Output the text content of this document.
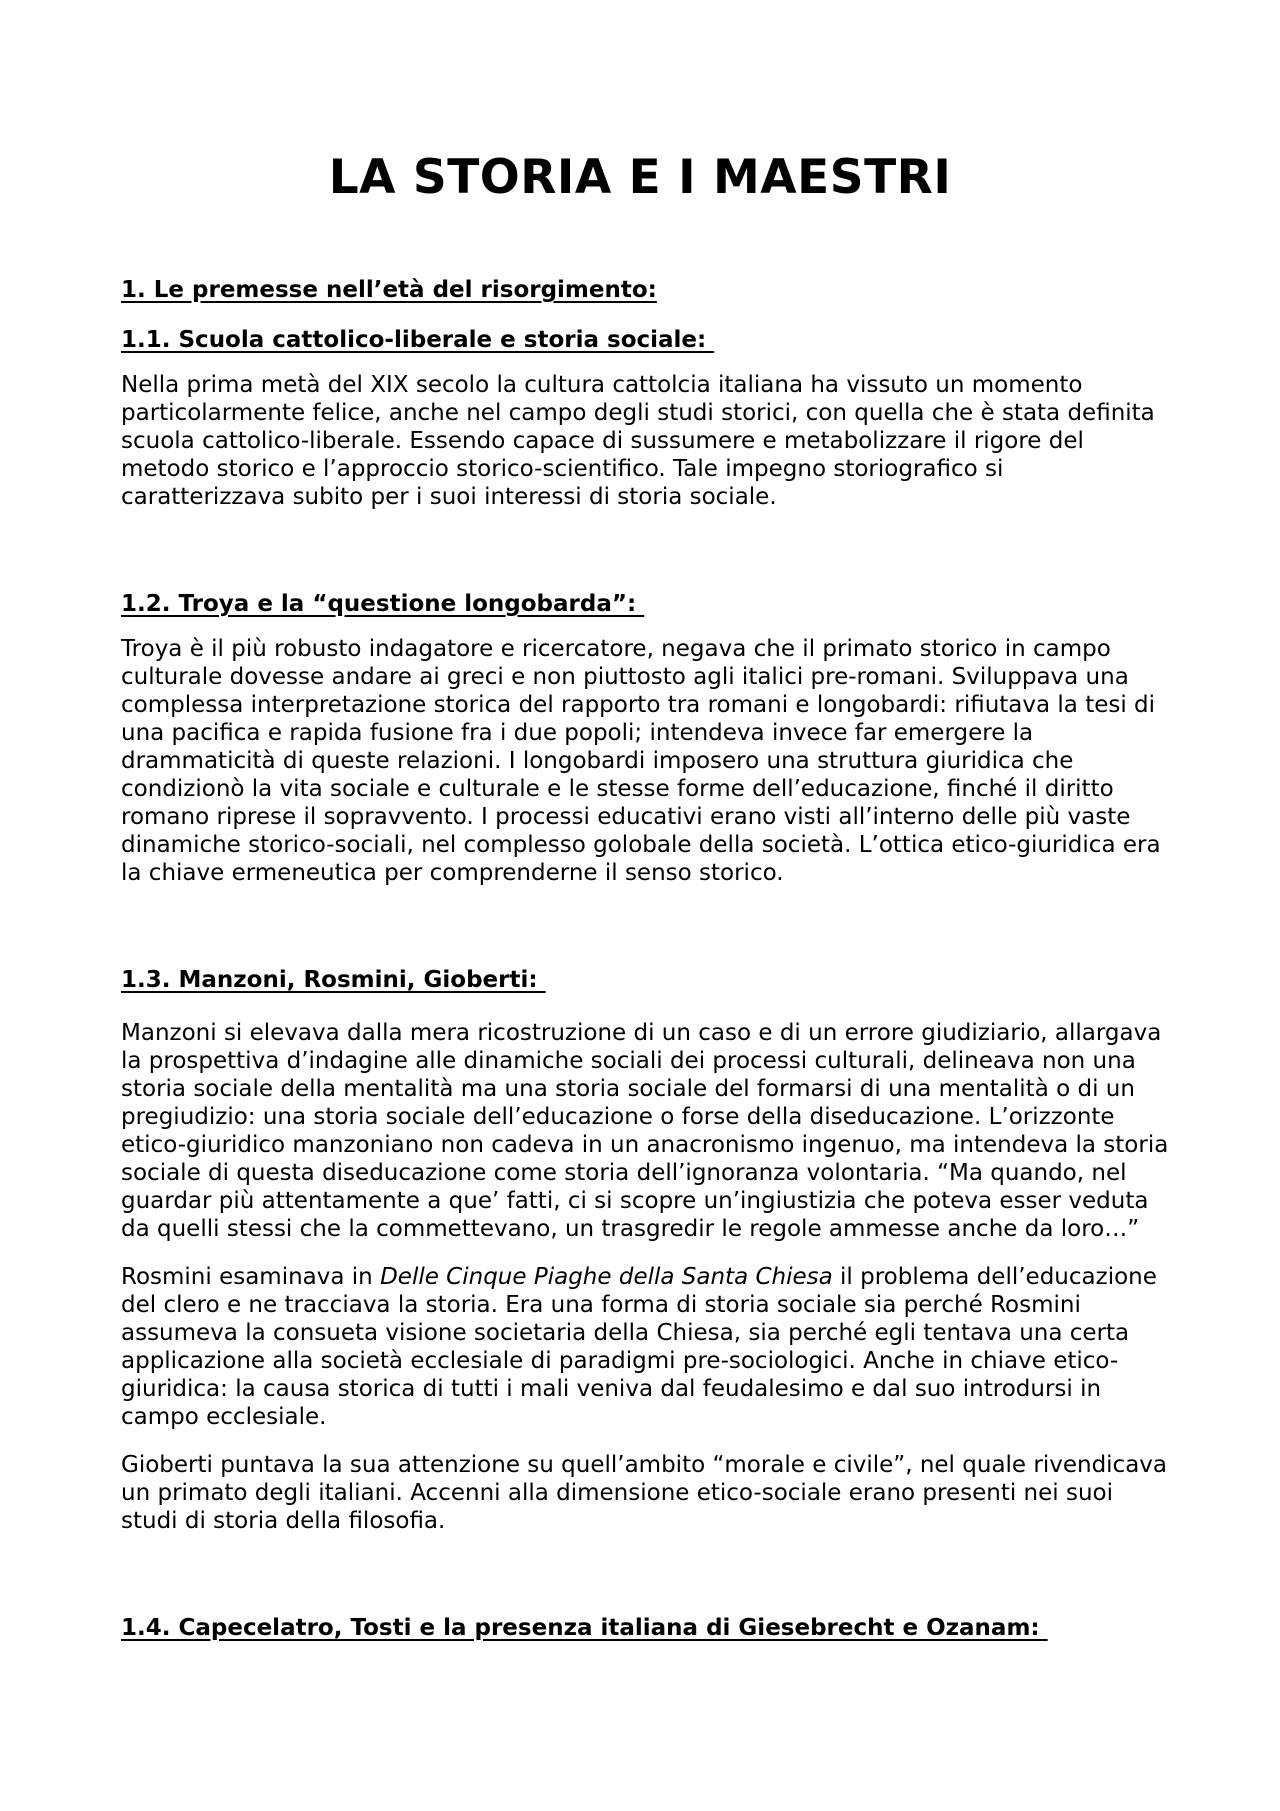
LA STORIA E I MAESTRI

1. Le premesse nell’età del risorgimento:

1.1. Scuola cattolico-liberale e storia sociale:

Nella prima metà del XIX secolo la cultura cattolcia italiana ha vissuto un momento particolarmente felice, anche nel campo degli studi storici, con quella che è stata definita scuola cattolico-liberale. Essendo capace di sussumere e metabolizzare il rigore del metodo storico e l’approccio storico-scientifico. Tale impegno storiografico si caratterizzava subito per i suoi interessi di storia sociale.

1.2. Troya e la “questione longobarda”:

Troya è il più robusto indagatore e ricercatore, negava che il primato storico in campo culturale dovesse andare ai greci e non piuttosto agli italici pre-romani. Sviluppava una complessa interpretazione storica del rapporto tra romani e longobardi: rifiutava la tesi di una pacifica e rapida fusione fra i due popoli; intendeva invece far emergere la drammaticità di queste relazioni. I longobardi imposero una struttura giuridica che condizionò la vita sociale e culturale e le stesse forme dell’educazione, finché il diritto romano riprese il sopravvento. I processi educativi erano visti all’interno delle più vaste dinamiche storico-sociali, nel complesso golobale della società. L’ottica etico-giuridica era la chiave ermeneutica per comprenderne il senso storico.

1.3. Manzoni, Rosmini, Gioberti:

Manzoni si elevava dalla mera ricostruzione di un caso e di un errore giudiziario, allargava la prospettiva d’indagine alle dinamiche sociali dei processi culturali, delineava non una storia sociale della mentalità ma una storia sociale del formarsi di una mentalità o di un pregiudizio: una storia sociale dell’educazione o forse della diseducazione. L’orizzonte etico-giuridico manzoniano non cadeva in un anacronismo ingenuo, ma intendeva la storia sociale di questa diseducazione come storia dell’ignoranza volontaria. “Ma quando, nel guardar più attentamente a que’ fatti, ci si scopre un’ingiustizia che poteva esser veduta da quelli stessi che la commettevano, un trasgredir le regole ammesse anche da loro…”

Rosmini esaminava in Delle Cinque Piaghe della Santa Chiesa il problema dell’educazione del clero e ne tracciava la storia. Era una forma di storia sociale sia perché Rosmini assumeva la consueta visione societaria della Chiesa, sia perché egli tentava una certa applicazione alla società ecclesiale di paradigmi pre-sociologici. Anche in chiave etico-giuridica: la causa storica di tutti i mali veniva dal feudalesimo e dal suo introdursi in campo ecclesiale.

Gioberti puntava la sua attenzione su quell’ambito “morale e civile”, nel quale rivendicava un primato degli italiani. Accenni alla dimensione etico-sociale erano presenti nei suoi studi di storia della filosofia.

1.4. Capecelatro, Tosti e la presenza italiana di Giesebrecht e Ozanam:
